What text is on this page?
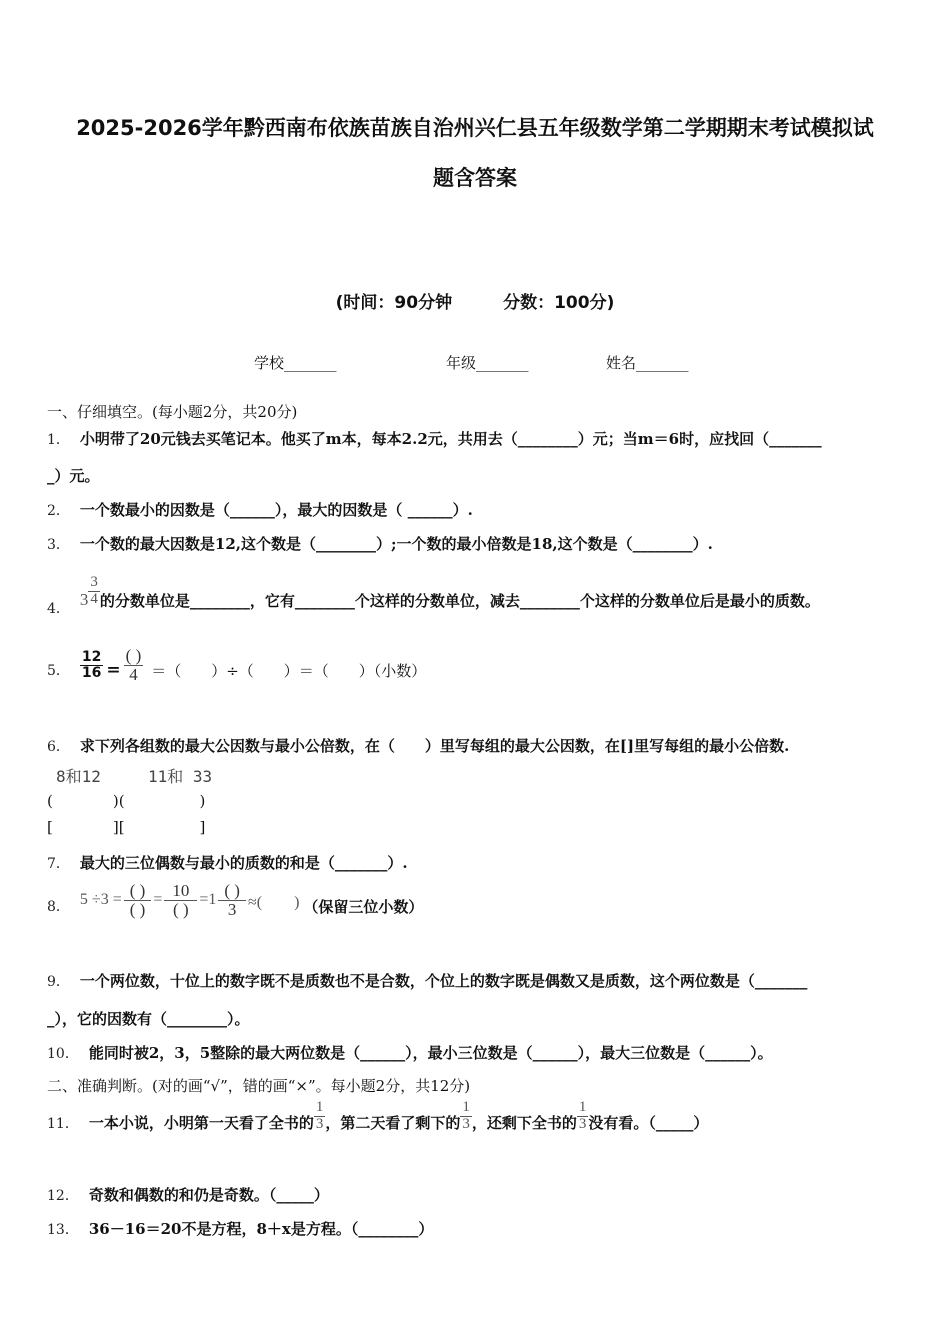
2025-2026学年黔西南布依族苗族自治州兴仁县五年级数学第二学期期末考试模拟试
题含答案
(时间：90分钟　　　分数：100分)
学校_______	年级_______	姓名_______
一、仔细填空。(每小题2分，共20分)
1． 小明带了20元钱去买笔记本。他买了m本，每本2.2元，共用去（________）元；当m＝6时，应找回（_______
_）元。
2． 一个数最小的因数是（______），最大的因数是（ ______）.
3． 一个数的最大因数是12,这个数是（________）;一个数的最小倍数是18,这个数是（________）.
4． $3 \frac{3}{4}$ 的分数单位是________，它有________个这样的分数单位，减去________个这样的分数单位后是最小的质数。
5． $\frac{12}{16} = \frac{( )}{4}$ ＝（　　）÷（　　）＝（　　）（小数）
6． 求下列各组数的最大公因数与最小公倍数，在（　　）里写每组的最大公因数，在[]里写每组的最小公倍数.
8和12	11和 33
(　　　　)(　　　　　)
[　　　　][　　　　　]
7． 最大的三位偶数与最小的质数的和是（_______）.
8． $5 \div 3 = \frac{( )}{( )} = \frac{10}{( )} =1 \frac{( )}{3}$ ≈(　　) （保留三位小数）
9． 一个两位数，十位上的数字既不是质数也不是合数，个位上的数字既是偶数又是质数，这个两位数是（_______
_），它的因数有（________）。
10． 能同时被2，3，5整除的最大两位数是（______），最小三位数是（______），最大三位数是（______）。
二、准确判断。(对的画“√”，错的画“×”。每小题2分，共12分)
11． 一本小说，小明第一天看了全书的 $\frac{1}{3}$ ，第二天看了剩下的 $\frac{1}{3}$ ，还剩下全书的 $\frac{1}{3}$ 没有看。（_____）
12． 奇数和偶数的和仍是奇数。（_____）
13． 36－16＝20不是方程，8＋x是方程。（________）
